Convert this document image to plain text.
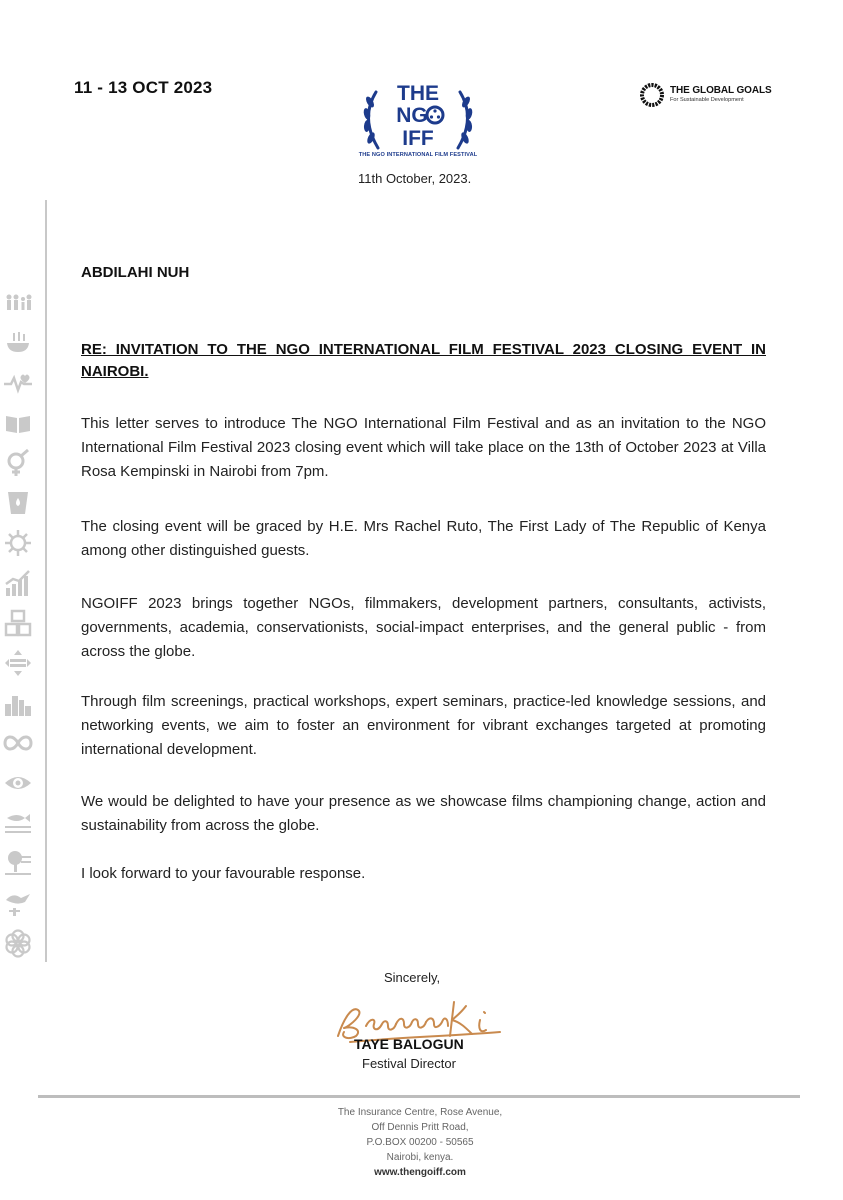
11 - 13 OCT 2023	THE
NG
IFF
THE NGO INTERNATIONAL FILM FESTIVAL
THE GLOBAL GOALS
For Sustainable Development
11th October, 2023.

ABDILAHI NUH
RE: INVITATION TO THE NGO INTERNATIONAL FILM FESTIVAL 2023 CLOSING EVENT IN NAIROBI.
This letter serves to introduce The NGO International Film Festival and as an invitation to the NGO International Film Festival 2023 closing event which will take place on the 13th of October 2023 at Villa Rosa Kempinski in Nairobi from 7pm.
The closing event will be graced by H.E. Mrs Rachel Ruto, The First Lady of The Republic of Kenya among other distinguished guests.
NGOIFF 2023 brings together NGOs, filmmakers, development partners, consultants, activists, governments, academia, conservationists, social-impact enterprises, and the general public - from across the globe.
Through film screenings, practical workshops, expert seminars, practice-led knowledge sessions, and networking events, we aim to foster an environment for vibrant exchanges targeted at promoting international development.
We would be delighted to have your presence as we showcase films championing change, action and sustainability from across the globe.
I look forward to your favourable response.
Sincerely,
TAYE BALOGUN
Festival Director
The Insurance Centre, Rose Avenue,
Off Dennis Pritt Road,
P.O.BOX 00200 - 50565
Nairobi, kenya.
www.thengoiff.com
